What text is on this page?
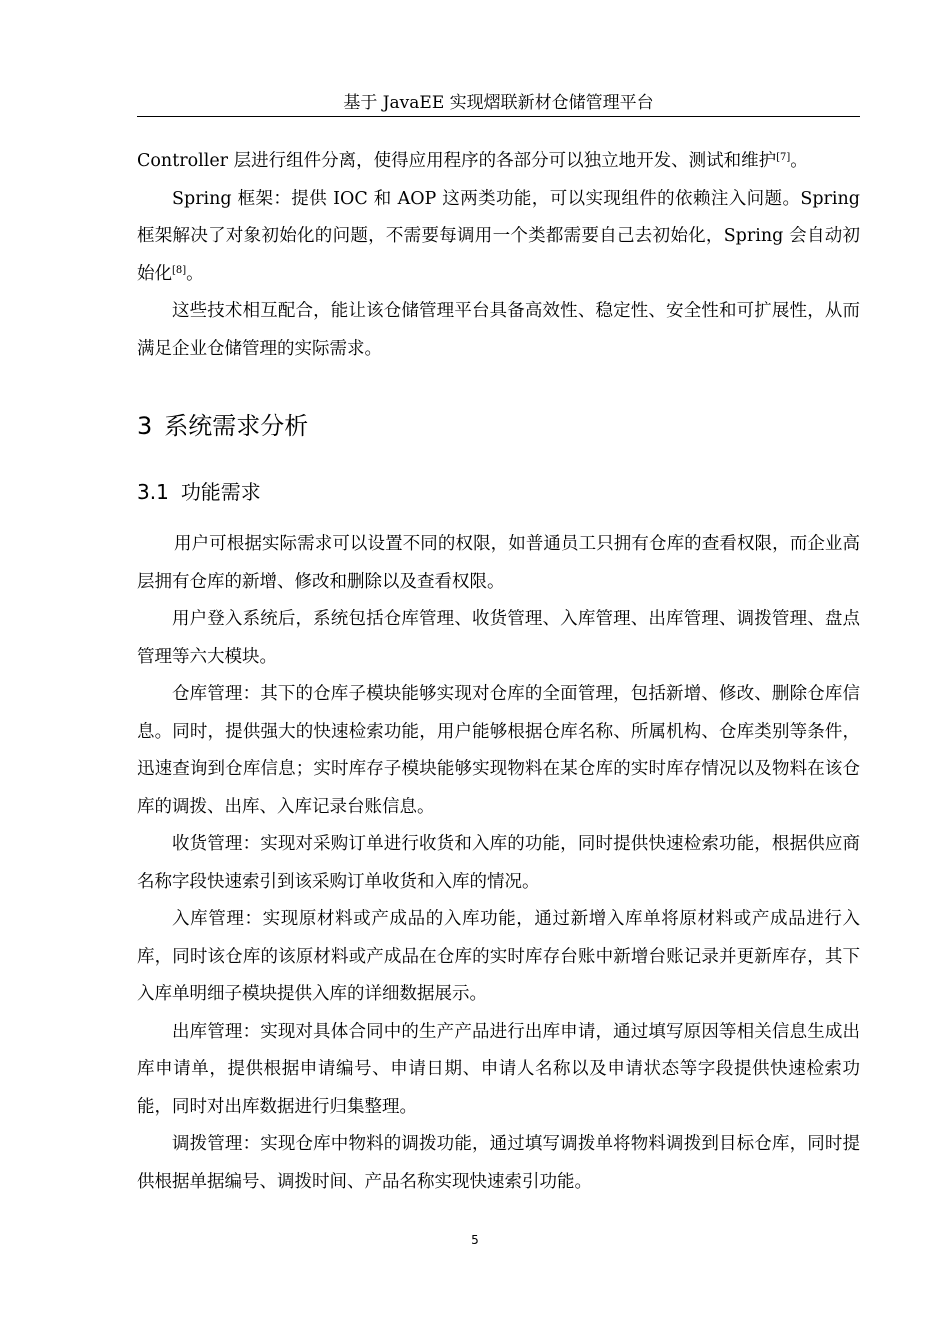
基于 JavaEE 实现熠联新材仓储管理平台

Controller 层进行组件分离，使得应用程序的各部分可以独立地开发、测试和维护[7]。

Spring 框架：提供 IOC 和 AOP 这两类功能，可以实现组件的依赖注入问题。Spring 框架解决了对象初始化的问题，不需要每调用一个类都需要自己去初始化，Spring 会自动初始化[8]。

这些技术相互配合，能让该仓储管理平台具备高效性、稳定性、安全性和可扩展性，从而满足企业仓储管理的实际需求。

3 系统需求分析
3.1 功能需求

用户可根据实际需求可以设置不同的权限，如普通员工只拥有仓库的查看权限，而企业高层拥有仓库的新增、修改和删除以及查看权限。

用户登入系统后，系统包括仓库管理、收货管理、入库管理、出库管理、调拨管理、盘点管理等六大模块。

仓库管理：其下的仓库子模块能够实现对仓库的全面管理，包括新增、修改、删除仓库信息。同时，提供强大的快速检索功能，用户能够根据仓库名称、所属机构、仓库类别等条件，迅速查询到仓库信息；实时库存子模块能够实现物料在某仓库的实时库存情况以及物料在该仓库的调拨、出库、入库记录台账信息。

收货管理：实现对采购订单进行收货和入库的功能，同时提供快速检索功能，根据供应商名称字段快速索引到该采购订单收货和入库的情况。

入库管理：实现原材料或产成品的入库功能，通过新增入库单将原材料或产成品进行入库，同时该仓库的该原材料或产成品在仓库的实时库存台账中新增台账记录并更新库存，其下入库单明细子模块提供入库的详细数据展示。

出库管理：实现对具体合同中的生产产品进行出库申请，通过填写原因等相关信息生成出库申请单，提供根据申请编号、申请日期、申请人名称以及申请状态等字段提供快速检索功能，同时对出库数据进行归集整理。

调拨管理：实现仓库中物料的调拨功能，通过填写调拨单将物料调拨到目标仓库，同时提供根据单据编号、调拨时间、产品名称实现快速索引功能。

5
